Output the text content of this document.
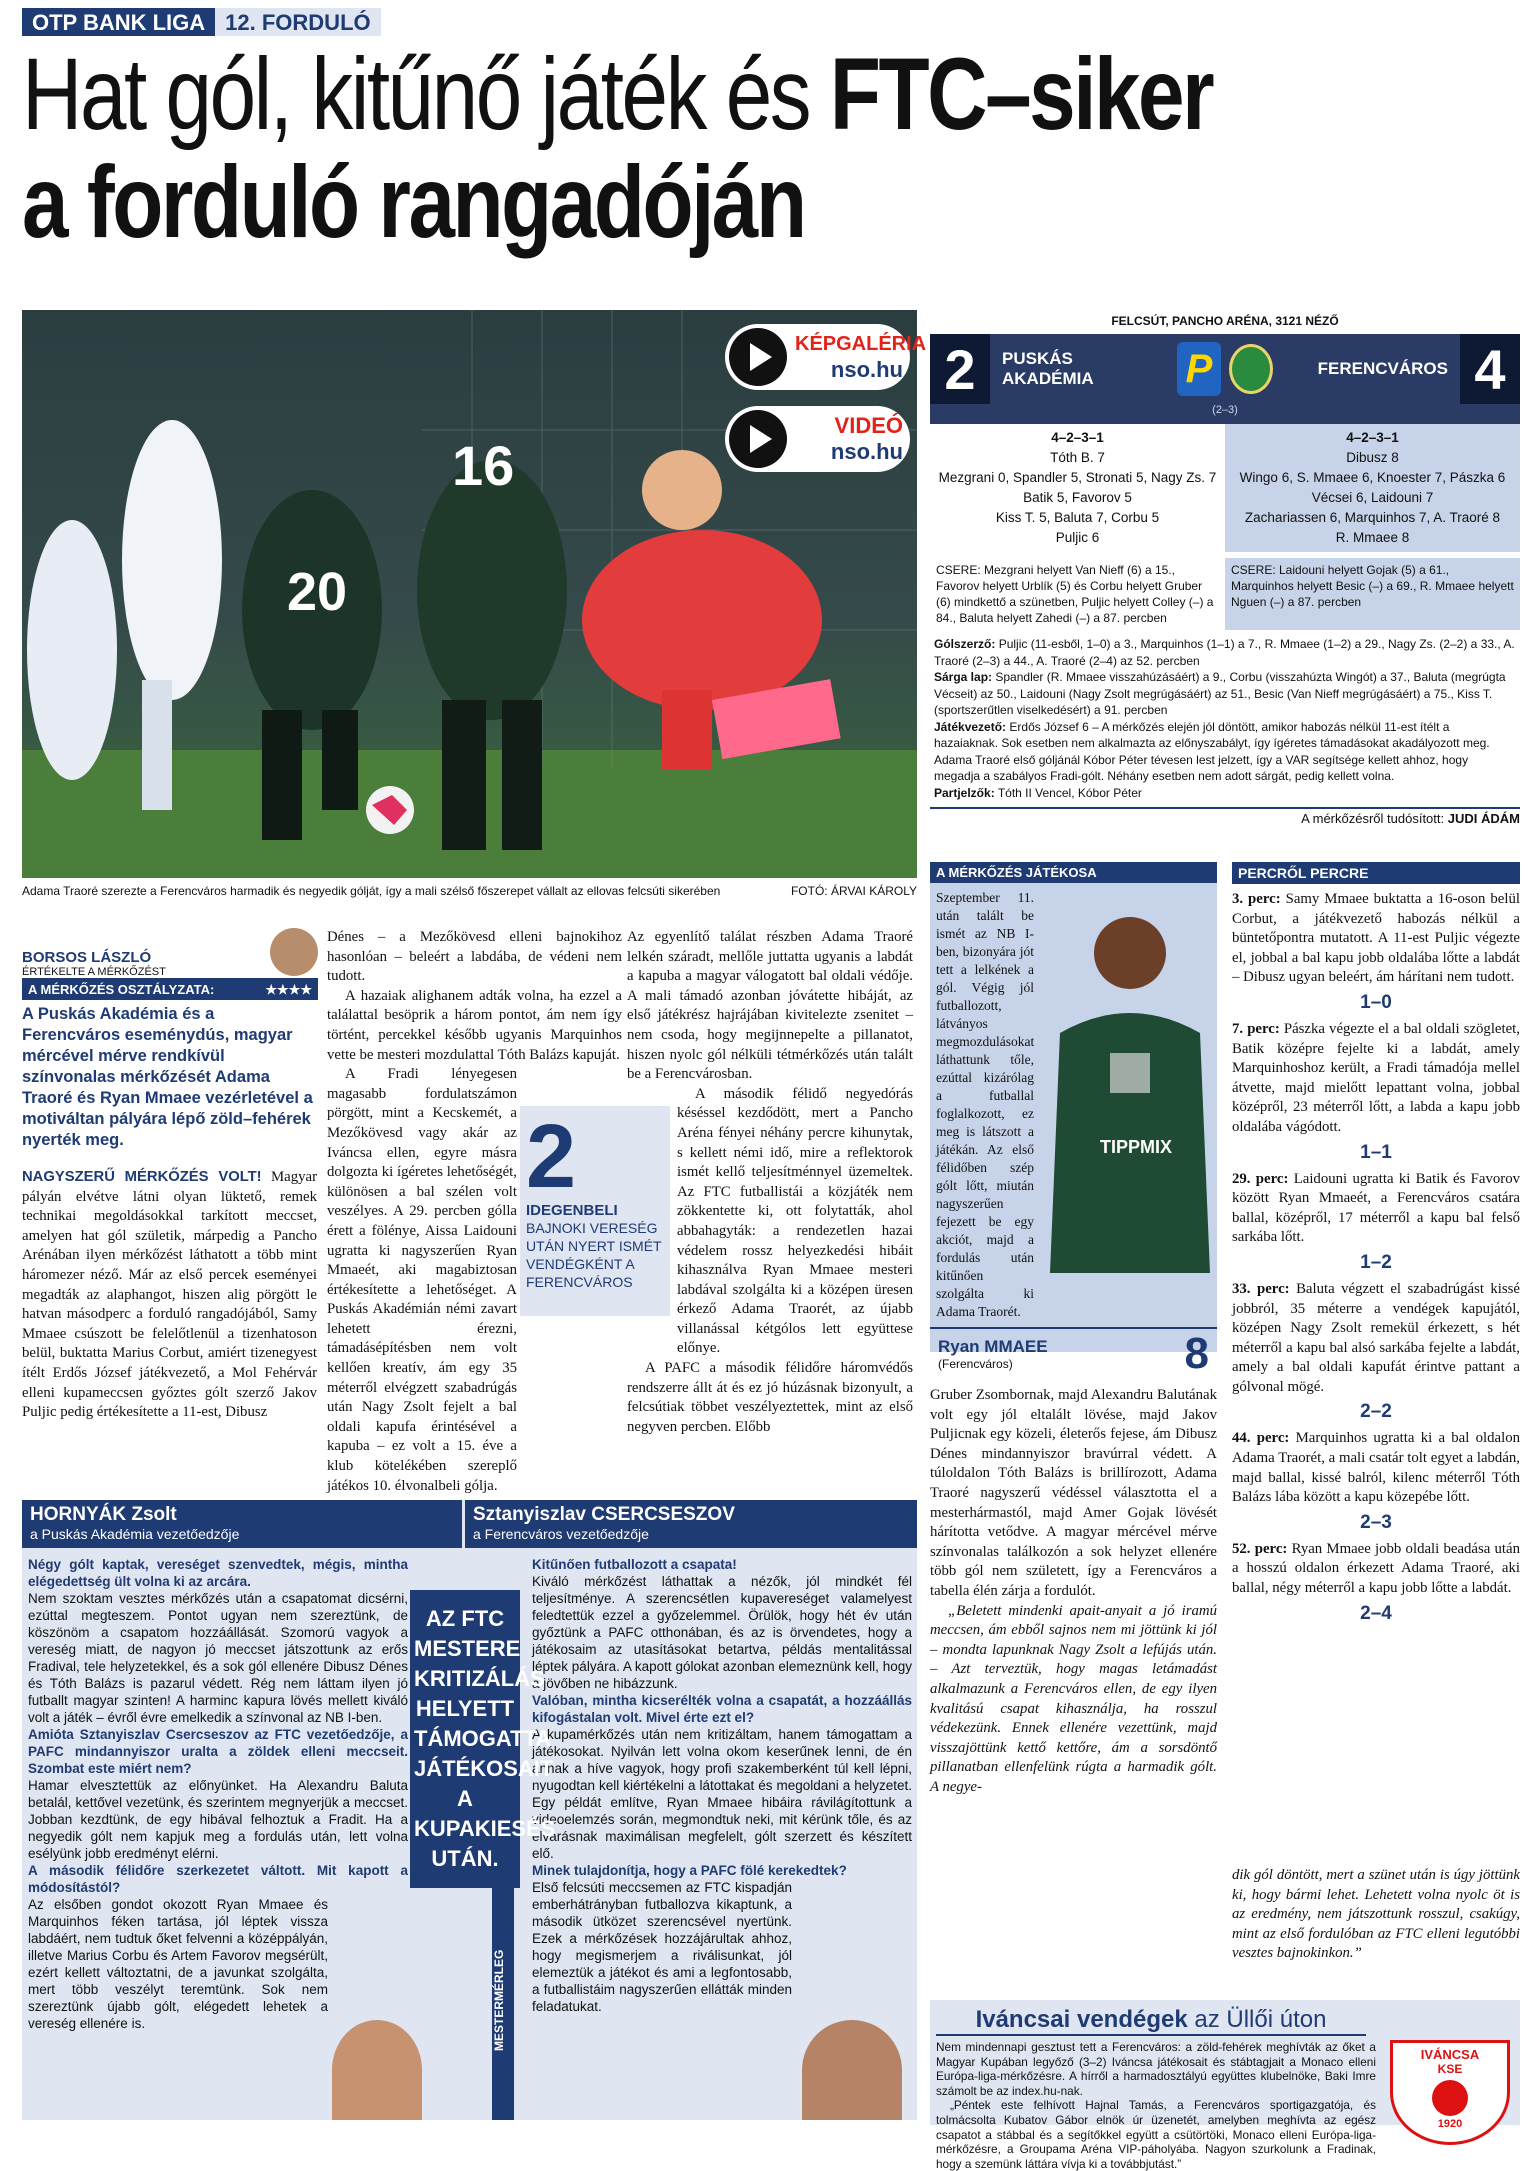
OTP BANK LIGA 12. FORDULÓ
Hat gól, kitűnő játék és FTC–siker
a forduló rangadóján
20
16
KÉPGALÉRIA
nso.hu
VIDEÓ
nso.hu
Adama Traoré szerezte a Ferencváros harmadik és negyedik gólját, így a mali szélső főszerepet vállalt az ellovas felcsúti sikerében	FOTÓ: ÁRVAI KÁROLY
FELCSÚT, PANCHO ARÉNA, 3121 NÉZŐ
2	PUSKÁS AKADÉMIA	P	FERENCVÁROS 4
(2–3)
4–2–3–1
Tóth B. 7
Mezgrani 0, Spandler 5, Stronati 5, Nagy Zs. 7
Batik 5, Favorov 5
Kiss T. 5, Baluta 7, Corbu 5
Puljic 6
4–2–3–1
Dibusz 8
Wingo 6, S. Mmaee 6, Knoester 7, Pászka 6
Vécsei 6, Laidouni 7
Zachariassen 6, Marquinhos 7, A. Traoré 8
R. Mmaee 8
CSERE: Mezgrani helyett Van Nieff (6) a 15., Favorov helyett Urblík (5) és Corbu helyett Gruber (6) mindkettő a szünetben, Puljic helyett Colley (–) a 84., Baluta helyett Zahedi (–) a 87. percben
CSERE: Laidouni helyett Gojak (5) a 61., Marquinhos helyett Besic (–) a 69., R. Mmaee helyett Nguen (–) a 87. percben

Gólszerző: Puljic (11-esből, 1–0) a 3., Marquinhos (1–1) a 7., R. Mmaee (1–2) a 29., Nagy Zs. (2–2) a 33., A. Traoré (2–3) a 44., A. Traoré (2–4) az 52. percben

Sárga lap: Spandler (R. Mmaee visszahúzásáért) a 9., Corbu (visszahúzta Wingót) a 37., Baluta (megrúgta Vécseit) az 50., Laidouni (Nagy Zsolt megrúgásáért) az 51., Besic (Van Nieff megrúgásáért) a 75., Kiss T. (sportszerűtlen viselkedésért) a 91. percben

Játékvezető: Erdős József 6 – A mérkőzés elején jól döntött, amikor habozás nélkül 11-est ítélt a hazaiaknak. Sok esetben nem alkalmazta az előnyszabályt, így ígéretes támadásokat akadályozott meg. Adama Traoré első góljánál Kóbor Péter tévesen lest jelzett, így a VAR segítsége kellett ahhoz, hogy megadja a szabályos Fradi-gólt. Néhány esetben nem adott sárgát, pedig kellett volna.

Partjelzők: Tóth II Vencel, Kóbor Péter

A mérkőzésről tudósított: JUDI ÁDÁM
BORSOS LÁSZLÓ
ÉRTÉKELTE A MÉRKŐZÉST
A MÉRKŐZÉS OSZTÁLYZATA:	★★★★
A Puskás Akadémia és a Ferencváros eseménydús, magyar mércével mérve rendkívül színvonalas mérkőzését Adama Traoré és Ryan Mmaee vezérletével a motiváltan pályára lépő zöld–fehérek nyerték meg.
NAGYSZERŰ MÉRKŐZÉS VOLT! Magyar pályán elvétve látni olyan lüktető, remek technikai megoldásokkal tarkított meccset, amelyen hat gól születik, márpedig a Pancho Arénában ilyen mérkőzést láthatott a több mint háromezer néző. Már az első percek eseményei megadták az alaphangot, hiszen alig pörgött le hatvan másodperc a forduló rangadójából, Samy Mmaee csúszott be felelőtlenül a tizenhatoson belül, buktatta Marius Corbut, amiért tizenegyest ítélt Erdős József játékvezető, a Mol Fehérvár elleni kupameccsen győztes gólt szerző Jakov Puljic pedig értékesítette a 11-est, Dibusz

Dénes – a Mezőkövesd elleni bajnokihoz hasonlóan – beleért a labdába, de védeni nem tudott.

A hazaiak alighanem adták volna, ha ezzel a találattal besöprik a három pontot, ám nem így történt, percekkel később ugyanis Marquinhos vette be mesteri mozdulattal Tóth Balázs kapuját.

A Fradi lényegesen magasabb fordulatszámon pörgött, mint a Kecskemét, a Mezőkövesd vagy akár az Iváncsa ellen, egyre másra dolgozta ki ígéretes lehetőségét, különösen a bal szélen volt veszélyes. A 29. percben gólla érett a fölénye, Aissa Laidouni ugratta ki nagyszerűen Ryan Mmaeét, aki magabiztosan értékesítette a lehetőséget. A Puskás Akadémián némi zavart lehetett érezni, támadásépítésben nem volt kellően kreatív, ám egy 35 méterről elvégzett szabadrúgás után Nagy Zsolt fejelt a bal oldali kapufa érintésével a kapuba – ez volt a 15. éve a klub kötelékében szereplő játékos 10. élvonalbeli gólja.

2
IDEGENBELI
BAJNOKI VERESÉG UTÁN NYERT ISMÉT VENDÉGKÉNT A FERENCVÁROS

Az egyenlítő találat részben Adama Traoré lelkén száradt, mellőle juttatta ugyanis a labdát a kapuba a magyar válogatott bal oldali védője. A mali támadó azonban jóvátette hibáját, az első játékrész hajrájában kivitelezte zsenitet – nem csoda, hogy megijnnepelte a pillanatot, hiszen nyolc gól nélküli tétmérkőzés után talált be a Ferencvárosban.

A második félidő negyedórás késéssel kezdődött, mert a Pancho Aréna fényei néhány percre kihunytak, s kellett némi idő, mire a reflektorok ismét kellő teljesítménnyel üzemeltek. Az FTC futballistái a közjáték nem zökkentette ki, ott folytatták, ahol abbahagyták: a rendezetlen hazai védelem rossz helyezkedési hibáit kihasználva Ryan Mmaee mesteri labdával szolgálta ki a középen üresen érkező Adama Traorét, az újabb villanással kétgólos lett együttese előnye.

A PAFC a második félidőre háromvédős rendszerre állt át és ez jó húzásnak bizonyult, a felcsútiak többet veszélyeztettek, mint az első negyven percben. Előbb

A MÉRKŐZÉS JÁTÉKOSA
Szeptember 11. után talált be ismét az NB I-ben, bizonyára jót tett a lelkének a gól. Végig jól futballozott, látványos megmozdulásokat láthattunk tőle, ezúttal kizárólag a futballal foglalkozott, ez meg is látszott a játékán. Az első félidőben szép gólt lőtt, miután nagyszerűen fejezett be egy akciót, majd a fordulás után kitűnően szolgálta ki Adama Traorét.
TIPPMIX
Ryan MMAEE
(Ferencváros)	8

Gruber Zsombornak, majd Alexandru Balutának volt egy jól eltalált lövése, majd Jakov Puljicnak egy közeli, életerős fejese, ám Dibusz Dénes mindannyiszor bravúrral védett. A túloldalon Tóth Balázs is brillírozott, Adama Traoré nagyszerű védéssel választotta el a mesterhármastól, majd Amer Gojak lövését hárította vetődve. A magyar mércével mérve színvonalas találkozón a sok helyzet ellenére több gól nem született, így a Ferencváros a tabella élén zárja a fordulót.

„Beletett mindenki apait-anyait a jó iramú meccsen, ám ebből sajnos nem mi jöttünk ki jól – mondta lapunknak Nagy Zsolt a lefújás után. – Azt terveztük, hogy magas letámadást alkalmazunk a Ferencváros ellen, de egy ilyen kvalitású csapat kihasználja, ha rosszul védekezünk. Ennek ellenére vezettünk, majd visszajöttünk kettő kettőre, ám a sorsdöntő pillanatban ellenfelünk rúgta a harmadik gólt. A negye-

PERCRŐL PERCRE
3. perc: Samy Mmaee buktatta a 16-oson belül Corbut, a játékvezető habozás nélkül a büntetőpontra mutatott. A 11-est Puljic végezte el, jobbal a bal kapu jobb oldalába lőtte a labdát – Dibusz ugyan beleért, ám hárítani nem tudott.
1–0
7. perc: Pászka végezte el a bal oldali szögletet, Batik középre fejelte ki a labdát, amely Marquinhoshoz került, a Fradi támadója mellel átvette, majd mielőtt lepattant volna, jobbal középről, 23 méterről lőtt, a labda a kapu jobb oldalába vágódott.
1–1
29. perc: Laidouni ugratta ki Batik és Favorov között Ryan Mmaeét, a Ferencváros csatára ballal, középről, 17 méterről a kapu bal felső sarkába lőtt.
1–2
33. perc: Baluta végzett el szabadrúgást kissé jobbról, 35 méterre a vendégek kapujától, középen Nagy Zsolt remekül érkezett, s hét méterről a kapu bal alsó sarkába fejelte a labdát, amely a bal oldali kapufát érintve pattant a gólvonal mögé.
2–2
44. perc: Marquinhos ugratta ki a bal oldalon Adama Traorét, a mali csatár tolt egyet a labdán, majd ballal, kissé balról, kilenc méterről Tóth Balázs lába között a kapu közepébe lőtt.
2–3
52. perc: Ryan Mmaee jobb oldali beadása után a hosszú oldalon érkezett Adama Traoré, aki ballal, négy méterről a kapu jobb lőtte a labdát.
2–4
dik gól döntött, mert a szünet után is úgy jöttünk ki, hogy bármi lehet. Lehetett volna nyolc öt is az eredmény, nem játszottunk rosszul, csakúgy, mint az első fordulóban az FTC elleni legutóbbi vesztes bajnokinkon.”
HORNYÁK Zsolt
a Puskás Akadémia vezetőedzője
Sztanyiszlav CSERCSESZOV
a Ferencváros vezetőedzője

Négy gólt kaptak, vereséget szenvedtek, mégis, mintha elégedettség ült volna ki az arcára.

Nem szoktam vesztes mérkőzés után a csapatomat dicsérni, ezúttal megteszem. Pontot ugyan nem szereztünk, de köszönöm a csapatom hozzáállását. Szomorú vagyok a vereség miatt, de nagyon jó meccset játszottunk az erős Fradival, tele helyzetekkel, és a sok gól ellenére Dibusz Dénes és Tóth Balázs is pazarul védett. Rég nem láttam ilyen jó futballt magyar szinten! A harminc kapura lövés mellett kiváló volt a játék – évről évre emelkedik a színvonal az NB I-ben.

Amióta Sztanyiszlav Csercseszov az FTC vezetőedzője, a PAFC mindannyiszor uralta a zöldek elleni meccseit. Szombat este miért nem?

Hamar elvesztettük az előnyünket. Ha Alexandru Baluta betalál, kettővel vezetünk, és szerintem megnyerjük a meccset. Jobban kezdtünk, de egy hibával felhoztuk a Fradit. Ha a negyedik gólt nem kapjuk meg a fordulás után, lett volna esélyünk jobb eredményt elérni.

A második félidőre szerkezetet váltott. Mit kapott a módosítástól?

Az elsőben gondot okozott Ryan Mmaee és Marquinhos féken tartása, jól léptek vissza labdáért, nem tudtuk őket felvenni a középpályán, illetve Marius Corbu és Artem Favorov megsérült, ezért kellett változtatni, de a javunkat szolgálta, mert több veszélyt teremtünk. Sok nem szereztünk újabb gólt, elégedett lehetek a vereség ellenére is.	MESTERMÉRLEG

Kitűnően futballozott a csapata!

Kiváló mérkőzést láthattak a nézők, jól mindkét fél teljesítménye. A szerencsétlen kupavereséget valamelyest feledtettük ezzel a győzelemmel. Örülök, hogy hét év után győztünk a PAFC otthonában, és az is örvendetes, hogy a játékosaim az utasításokat betartva, példás mentalitással léptek pályára. A kapott gólokat azonban elemeznünk kell, hogy a jövőben ne hibázzunk.

Valóban, mintha kicserélték volna a csapatát, a hozzáállás kifogástalan volt. Mivel érte ezt el?

A kupamérkőzés után nem kritizáltam, hanem támogattam a játékosokat. Nyilván lett volna okom keserűnek lenni, de én annak a híve vagyok, hogy profi szakemberként túl kell lépni, nyugodtan kell kiértékelni a látottakat és megoldani a helyzetet. Egy példát említve, Ryan Mmaee hibáira rávilágítottunk a videoelemzés során, megmondtuk neki, mit kérünk tőle, és az elvárásnak maximálisan megfelelt, gólt szerzett és készített elő.

Minek tulajdonítja, hogy a PAFC fölé kerekedtek?

Első felcsúti meccsemen az FTC kispadján emberhátrányban futballozva kikaptunk, a második ütközet szerencsével nyertünk. Ezek a mérkőzések hozzájárultak ahhoz, hogy megismerjem a riválisunkat, jól elemeztük a játékot és ami a legfontosabb, a futballistáim nagyszerűen ellátták minden feladatukat.

AZ FTC MESTERE KRITIZÁLÁS HELYETT TÁMOGATTA JÁTÉKOSAIT A KUPAKIESÉS UTÁN.
Iváncsai vendégek az Üllői úton

Nem mindennapi gesztust tett a Ferencváros: a zöld-fehérek meghívták az őket a Magyar Kupában legyőző (3–2) Iváncsa játékosait és stábtagjait a Monaco elleni Európa-liga-mérkőzésre. A hírről a harmadosztályú együttes klubelnöke, Baki Imre számolt be az index.hu-nak.

„Péntek este felhívott Hajnal Tamás, a Ferencváros sportigazgatója, és tolmácsolta Kubatov Gábor elnök úr üzenetét, amelyben meghívta az egész csapatot a stábbal és a segítőkkel együtt a csütörtöki, Monaco elleni Európa-liga-mérkőzésre, a Groupama Aréna VIP-páholyába. Nagyon szurkolunk a Fradinak, hogy a szemünk láttára vívja ki a továbbjutást.”

IVÁNCSA
KSE
1920
